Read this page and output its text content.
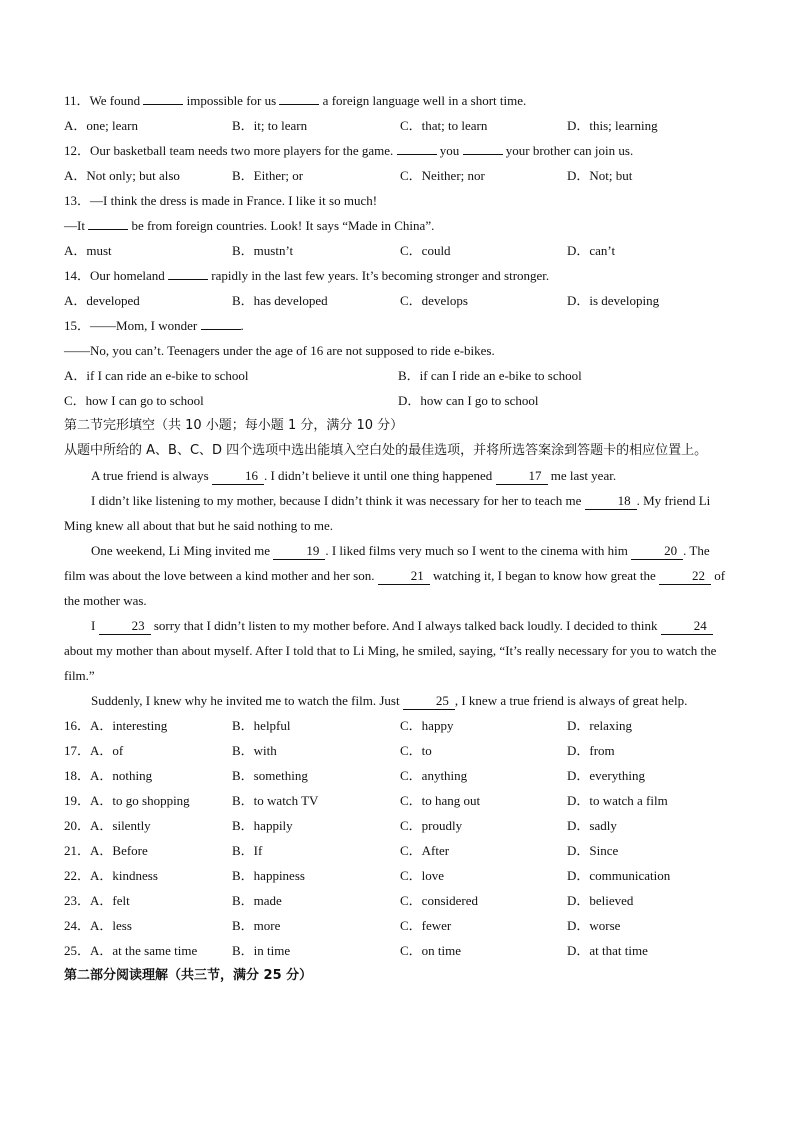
11．We found	impossible for us	a foreign language well in a short time.
A．one; learn	B．it; to learn	C．that; to learn	D．this; learning
12．Our basketball team needs two more players for the game.	you	your brother can join us.
A．Not only; but also	B．Either; or	C．Neither; nor	D．Not; but
13．—I think the dress is made in France. I like it so much!
—It	be from foreign countries. Look! It says “Made in China”.
A．must	B．mustn’t	C．could	D．can’t
14．Our homeland	rapidly in the last few years. It’s becoming stronger and stronger.
A．developed	B．has developed	C．develops	D．is developing
15．——Mom, I wonder	.
——No, you can’t. Teenagers under the age of 16 are not supposed to ride e-bikes.
A．if I can ride an e-bike to school	B．if can I ride an e-bike to school
C．how I can go to school	D．how can I go to school
第二节完形填空（共 10 小题；每小题 1 分，满分 10 分）

从题中所给的 A、B、C、D 四个选项中选出能填入空白处的最佳选项，并将所选答案涂到答题卡的相应位置上。

A true friend is always	16 . I didn’t believe it until one thing happened	17 me last year.

I didn’t like listening to my mother, because I didn’t think it was necessary for her to teach me	18 . My friend Li Ming knew all about that but he said nothing to me.

One weekend, Li Ming invited me	19 . I liked films very much so I went to the cinema with him	20 . The film was about the love between a kind mother and her son.	21 watching it, I began to know how great the	22 of the mother was.

I	23 sorry that I didn’t listen to my mother before. And I always talked back loudly. I decided to think	24 about my mother than about myself. After I told that to Li Ming, he smiled, saying, “It’s really necessary for you to watch the film.”

Suddenly, I knew why he invited me to watch the film. Just	25 , I knew a true friend is always of great help.

16．A．interesting	B．helpful	C．happy	D．relaxing
17．A．of	B．with	C．to	D．from
18．A．nothing	B．something	C．anything	D．everything
19．A．to go shopping	B．to watch TV	C．to hang out	D．to watch a film
20．A．silently	B．happily	C．proudly	D．sadly
21．A．Before	B．If	C．After	D．Since
22．A．kindness	B．happiness	C．love	D．communication
23．A．felt	B．made	C．considered	D．believed
24．A．less	B．more	C．fewer	D．worse
25．A．at the same time	B．in time	C．on time	D．at that time
第二部分阅读理解（共三节，满分 25 分）
